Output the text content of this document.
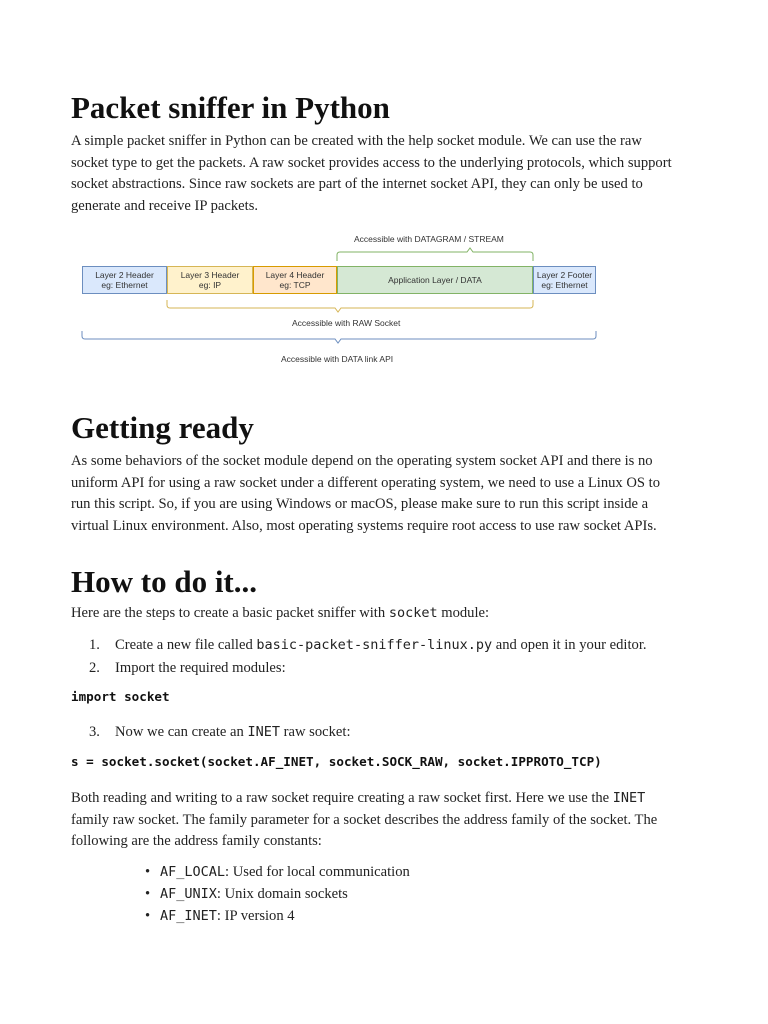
Packet sniffer in Python

A simple packet sniffer in Python can be created with the help socket module. We can use the raw
socket type to get the packets. A raw socket provides access to the underlying protocols, which support
socket abstractions. Since raw sockets are part of the internet socket API, they can only be used to
generate and receive IP packets.

Accessible with DATAGRAM / STREAM
Layer 2 Header
eg: Ethernet
Layer 3 Header
eg: IP
Layer 4 Header
eg: TCP	Application Layer / DATA	Layer 2 Footer
eg: Ethernet
Accessible with RAW Socket
Accessible with DATA link API
Getting ready

As some behaviors of the socket module depend on the operating system socket API and there is no
uniform API for using a raw socket under a different operating system, we need to use a Linux OS to
run this script. So, if you are using Windows or macOS, please make sure to run this script inside a
virtual Linux environment. Also, most operating systems require root access to use raw socket APIs.

How to do it...

Here are the steps to create a basic packet sniffer with socket module:

1. Create a new file called basic-packet-sniffer-linux.py and open it in your editor.
2. Import the required modules:
import socket
3. Now we can create an INET raw socket:
s = socket.socket(socket.AF_INET, socket.SOCK_RAW, socket.IPPROTO_TCP)

Both reading and writing to a raw socket require creating a raw socket first. Here we use the INET
family raw socket. The family parameter for a socket describes the address family of the socket. The
following are the address family constants:

• AF_LOCAL: Used for local communication
• AF_UNIX: Unix domain sockets
• AF_INET: IP version 4
